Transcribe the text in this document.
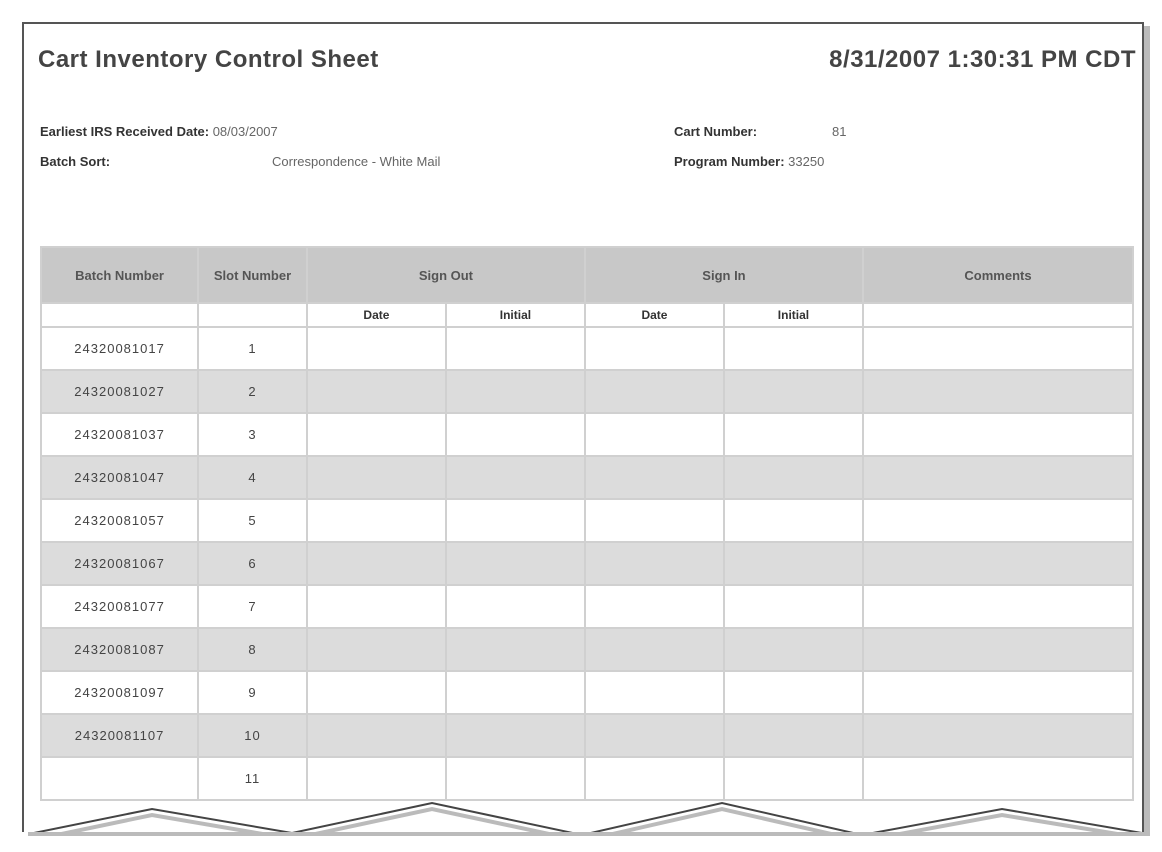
Cart Inventory Control Sheet	8/31/2007 1:30:31 PM CDT
Earliest IRS Received Date: 08/03/2007
Batch Sort:	Correspondence - White Mail
Cart Number:	81
Program Number: 33250
Batch Number	Slot Number	Sign Out		Sign In		Comments
		Date	Initial	Date	Initial	
24320081017	1					
24320081027	2					
24320081037	3					
24320081047	4					
24320081057	5					
24320081067	6					
24320081077	7					
24320081087	8					
24320081097	9					
24320081107	10					
	11					
